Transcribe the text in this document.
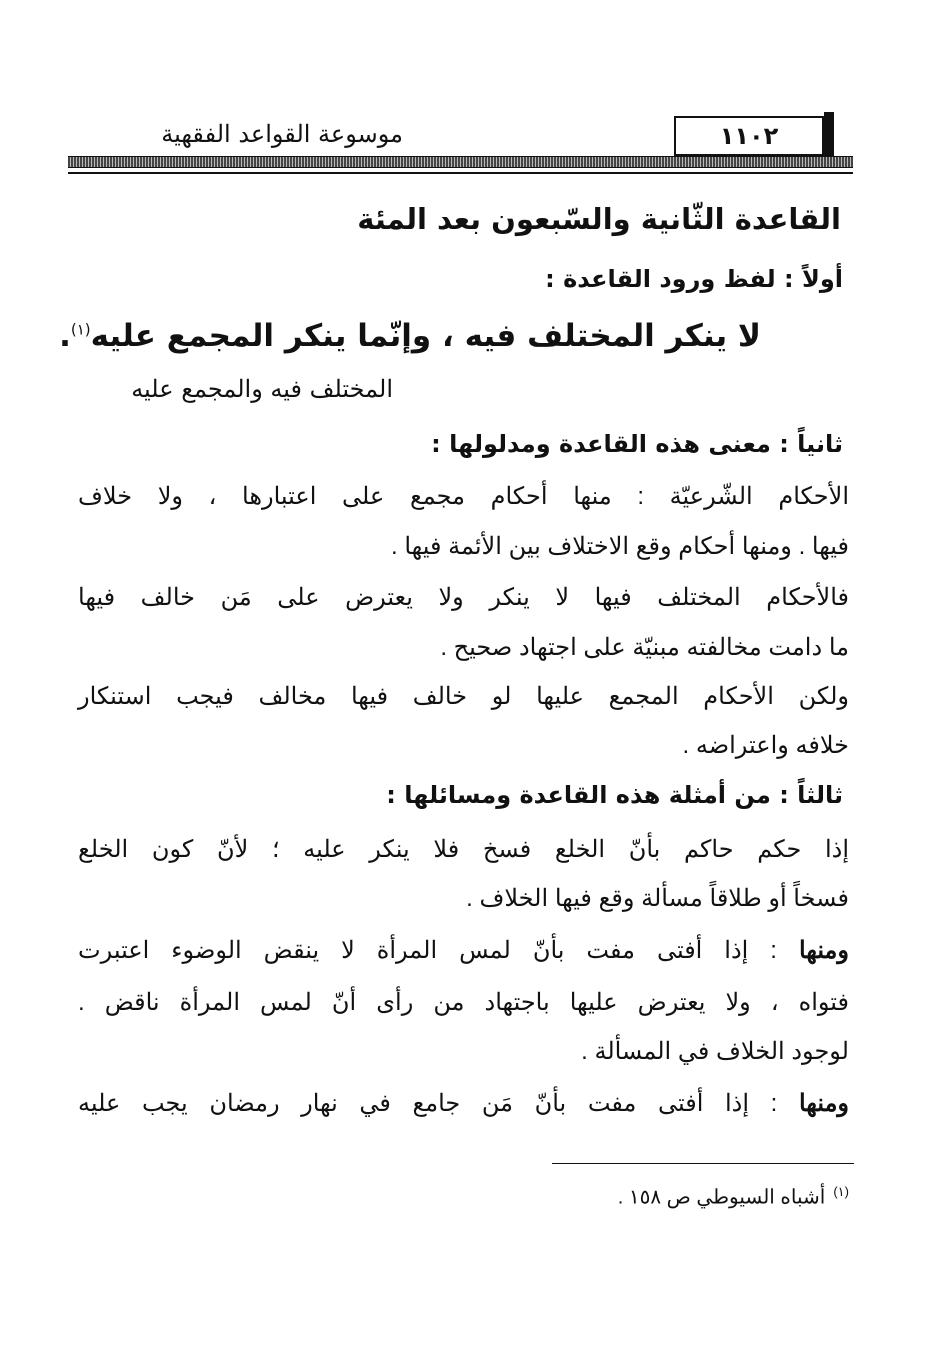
١١٠٢
موسوعة القواعد الفقهية
القاعدة الثّانية والسّبعون بعد المئة
أولاً : لفظ ورود القاعدة :
لا ينكر المختلف فيه ، وإنّما ينكر المجمع عليه$^{(١)}$.
المختلف فيه والمجمع عليه
ثانياً : معنى هذه القاعدة ومدلولها :
الأحكام الشّرعيّة : منها أحكام مجمع على اعتبارها ، ولا خلاف
فيها . ومنها أحكام وقع الاختلاف بين الأئمة فيها .
فالأحكام المختلف فيها لا ينكر ولا يعترض على مَن خالف فيها
ما دامت مخالفته مبنيّة على اجتهاد صحيح .
ولكن الأحكام المجمع عليها لو خالف فيها مخالف فيجب استنكار
خلافه واعتراضه .
ثالثاً : من أمثلة هذه القاعدة ومسائلها :
إذا حكم حاكم بأنّ الخلع فسخ فلا ينكر عليه ؛ لأنّ كون الخلع
فسخاً أو طلاقاً مسألة وقع فيها الخلاف .
ومنها : إذا أفتى مفت بأنّ لمس المرأة لا ينقض الوضوء اعتبرت
فتواه ، ولا يعترض عليها باجتهاد من رأى أنّ لمس المرأة ناقض .
لوجود الخلاف في المسألة .
ومنها : إذا أفتى مفت بأنّ مَن جامع في نهار رمضان يجب عليه
$^{(١)}$أشباه السيوطي ص ١٥٨ .
